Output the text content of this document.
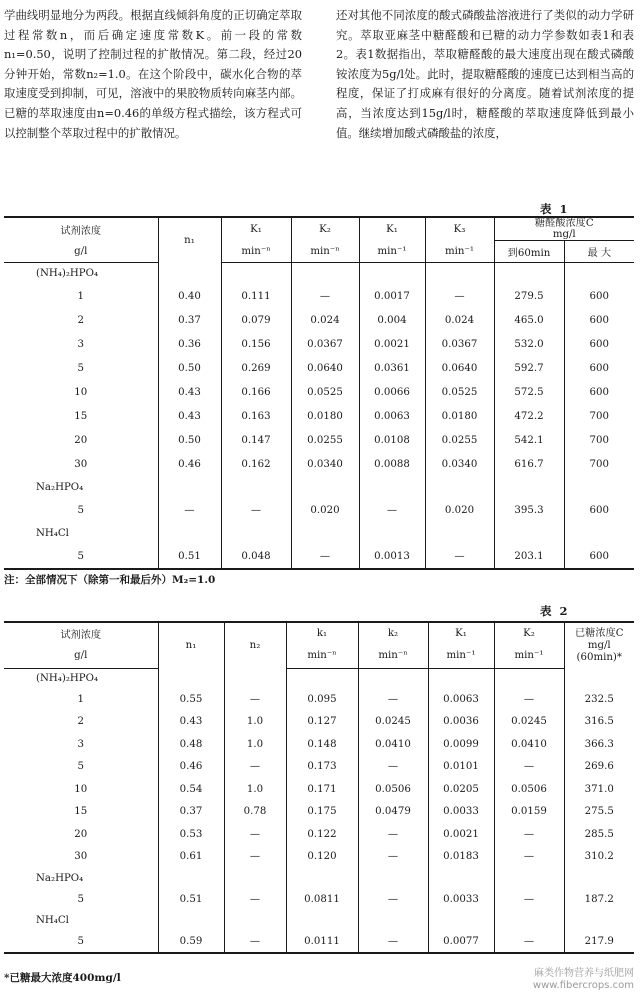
学曲线明显地分为两段。根据直线倾斜角度的正切确定萃取过程常数n，而后确定速度常数K。前一段的常数n₁=0.50，说明了控制过程的扩散情况。第二段，经过20分钟开始，常数n₂=1.0。在这个阶段中，碳水化合物的萃取速度受到抑制，可见，溶液中的果胶物质转向麻茎内部。已糖的萃取速度由n=0.46的单级方程式描绘，该方程式可以控制整个萃取过程中的扩散情况。

还对其他不同浓度的酸式磷酸盐溶液进行了类似的动力学研究。萃取亚麻茎中糖醛酸和已糖的动力学参数如表1和表2。表1数据指出，萃取糖醛酸的最大速度出现在酸式磷酸铵浓度为5g/l处。此时，提取糖醛酸的速度已达到相当高的程度，保证了打成麻有很好的分离度。随着试剂浓度的提高，当浓度达到15g/l时，糖醛酸的萃取速度降低到最小值。继续增加酸式磷酸盐的浓度，

表 1
试剂浓度	n₁	K₁	K₂	K₁	K₃	糖醛酸浓度C
mg/l	

g/l		min⁻ⁿ	min⁻ⁿ	min⁻¹	min⁻¹	到60min	最 大
(NH₄)₂HPO₄							
1	0.40	0.111	—	0.0017	—	279.5	600
2	0.37	0.079	0.024	0.004	0.024	465.0	600
3	0.36	0.156	0.0367	0.0021	0.0367	532.0	600
5	0.50	0.269	0.0640	0.0361	0.0640	592.7	600
10	0.43	0.166	0.0525	0.0066	0.0525	572.5	600
15	0.43	0.163	0.0180	0.0063	0.0180	472.2	700
20	0.50	0.147	0.0255	0.0108	0.0255	542.1	700
30	0.46	0.162	0.0340	0.0088	0.0340	616.7	700
Na₂HPO₄							
5	—	—	0.020	—	0.020	395.3	600
NH₄Cl							
5	0.51	0.048	—	0.0013	—	203.1	600
注：全部情况下（除第一和最后外）M₂=1.0
表 2
试剂浓度	n₁	n₂	k₁	k₂	K₁	K₂	已糖浓度C
mg/l
(60min)*

g/l			min⁻ⁿ	min⁻ⁿ	min⁻¹	min⁻¹	
(NH₄)₂HPO₄							
1	0.55	—	0.095	—	0.0063	—	232.5
2	0.43	1.0	0.127	0.0245	0.0036	0.0245	316.5
3	0.48	1.0	0.148	0.0410	0.0099	0.0410	366.3
5	0.46	—	0.173	—	0.0101	—	269.6
10	0.54	1.0	0.171	0.0506	0.0205	0.0506	371.0
15	0.37	0.78	0.175	0.0479	0.0033	0.0159	275.5
20	0.53	—	0.122	—	0.0021	—	285.5
30	0.61	—	0.120	—	0.0183	—	310.2
Na₂HPO₄							
5	0.51	—	0.0811	—	0.0033	—	187.2
NH₄Cl							
5	0.59	—	0.0111	—	0.0077	—	217.9
*已糖最大浓度400mg/l	麻类作物营养与纸肥网
www.fibercrops.com
